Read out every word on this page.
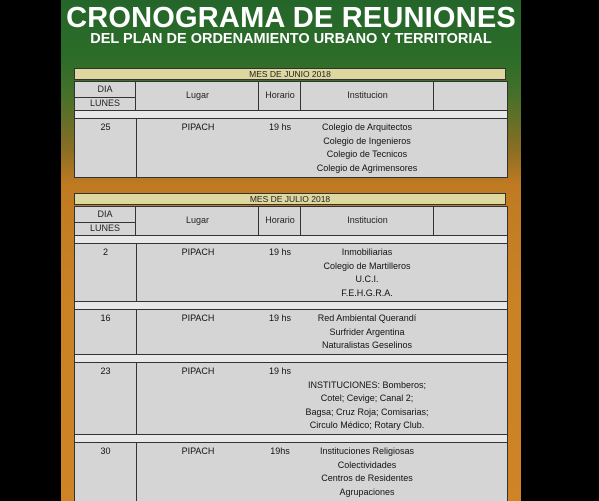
CRONOGRAMA DE REUNIONES
DEL PLAN DE ORDENAMIENTO URBANO Y TERRITORIAL
MES DE JUNIO 2018
DIA
LUNES
Lugar	Horario	Institucion
25	PIPACH	19 hs	Colegio de Arquitectos
Colegio de Ingenieros
Colegio de Tecnicos
Colegio de Agrimensores
MES DE JULIO 2018
DIA
LUNES
Lugar	Horario	Institucion
2	PIPACH	19 hs	Inmobiliarias
Colegio de Martilleros
U.C.I.
F.E.H.G.R.A.
16	PIPACH	19 hs	Red Ambiental Querandí
Surfrider Argentina
Naturalistas Geselinos
23	PIPACH	19 hs
INSTITUCIONES: Bomberos;
Cotel; Cevige; Canal 2;
Bagsa; Cruz Roja; Comisarias;
Circulo Médico; Rotary Club.
30	PIPACH	19hs	Instituciones Religiosas
Colectividades
Centros de Residentes
Agrupaciones
